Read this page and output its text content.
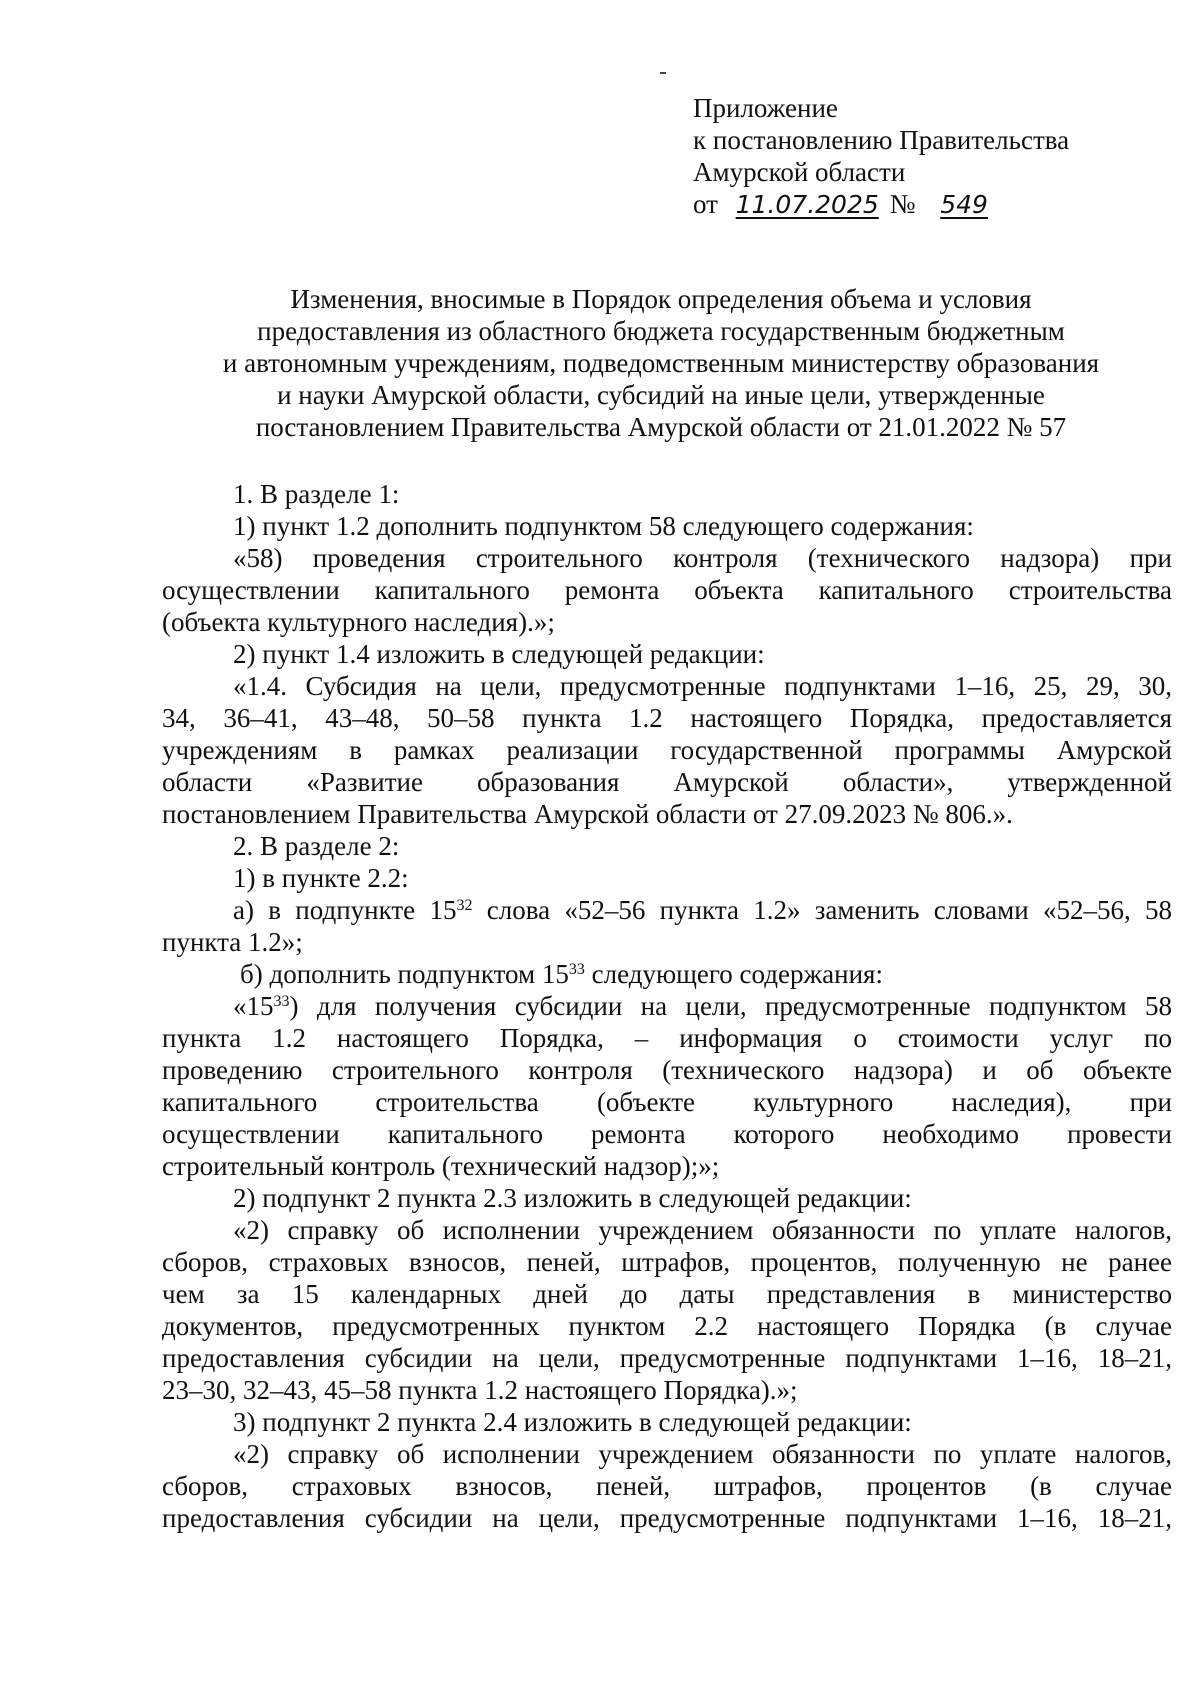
Приложение
к постановлению Правительства
Амурской области
от 11.07.2025 № 549
Изменения, вносимые в Порядок определения объема и условия
предоставления из областного бюджета государственным бюджетным
и автономным учреждениям, подведомственным министерству образования
и науки Амурской области, субсидий на иные цели, утвержденные
постановлением Правительства Амурской области от 21.01.2022 № 57
1. В разделе 1:
1) пункт 1.2 дополнить подпунктом 58 следующего содержания:
«58) проведения строительного контроля (технического надзора) при
осуществлении капитального ремонта объекта капитального строительства
(объекта культурного наследия).»;
2) пункт 1.4 изложить в следующей редакции:
«1.4. Субсидия на цели, предусмотренные подпунктами 1–16, 25, 29, 30,
34, 36–41, 43–48, 50–58 пункта 1.2 настоящего Порядка, предоставляется
учреждениям в рамках реализации государственной программы Амурской
области «Развитие образования Амурской области», утвержденной
постановлением Правительства Амурской области от 27.09.2023 № 806.».
2. В разделе 2:
1) в пункте 2.2:
а) в подпункте $15^{32}$ слова «52–56 пункта 1.2» заменить словами «52–56, 58
пункта 1.2»;
б) дополнить подпунктом $15^{33}$ следующего содержания:
«$15^{33}$) для получения субсидии на цели, предусмотренные подпунктом 58
пункта 1.2 настоящего Порядка, – информация о стоимости услуг по
проведению строительного контроля (технического надзора) и об объекте
капитального строительства (объекте культурного наследия), при
осуществлении капитального ремонта которого необходимо провести
строительный контроль (технический надзор);»;
2) подпункт 2 пункта 2.3 изложить в следующей редакции:
«2) справку об исполнении учреждением обязанности по уплате налогов,
сборов, страховых взносов, пеней, штрафов, процентов, полученную не ранее
чем за 15 календарных дней до даты представления в министерство
документов, предусмотренных пунктом 2.2 настоящего Порядка (в случае
предоставления субсидии на цели, предусмотренные подпунктами 1–16, 18–21,
23–30, 32–43, 45–58 пункта 1.2 настоящего Порядка).»;
3) подпункт 2 пункта 2.4 изложить в следующей редакции:
«2) справку об исполнении учреждением обязанности по уплате налогов,
сборов, страховых взносов, пеней, штрафов, процентов (в случае
предоставления субсидии на цели, предусмотренные подпунктами 1–16, 18–21,
